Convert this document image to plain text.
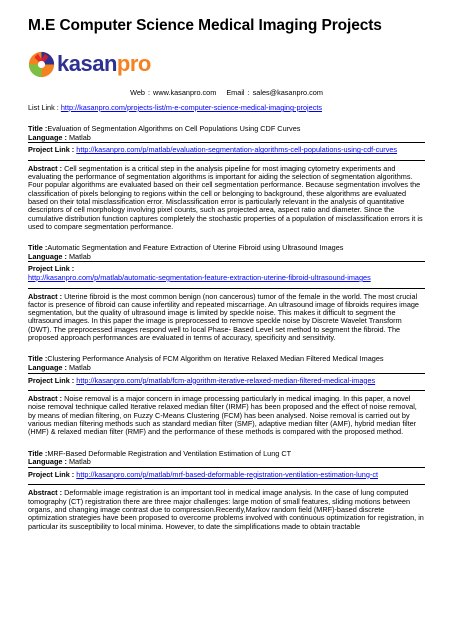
M.E Computer Science Medical Imaging Projects
kasanpro
Web : www.kasanpro.com Email : sales@kasanpro.com
List Link : http://kasanpro.com/projects-list/m-e-computer-science-medical-imaging-projects
Title :Evaluation of Segmentation Algorithms on Cell Populations Using CDF Curves
Language : Matlab
Project Link : http://kasanpro.com/p/matlab/evaluation-segmentation-algorithms-cell-populations-using-cdf-curves
Abstract : Cell segmentation is a critical step in the analysis pipeline for most imaging cytometry experiments and evaluating the performance of segmentation algorithms is important for aiding the selection of segmentation algorithms. Four popular algorithms are evaluated based on their cell segmentation performance. Because segmentation involves the classification of pixels belonging to regions within the cell or belonging to background, these algorithms are evaluated based on their total misclassification error. Misclassification error is particularly relevant in the analysis of quantitative descriptors of cell morphology involving pixel counts, such as projected area, aspect ratio and diameter. Since the cumulative distribution function captures completely the stochastic properties of a population of misclassification errors it is used to compare segmentation performance.
Title :Automatic Segmentation and Feature Extraction of Uterine Fibroid using Ultrasound Images
Language : Matlab
Project Link :
http://kasanpro.com/p/matlab/automatic-segmentation-feature-extraction-uterine-fibroid-ultrasound-images
Abstract : Uterine fibroid is the most common benign (non cancerous) tumor of the female in the world. The most crucial factor is presence of fibroid can cause infertility and repeated miscarriage. An ultrasound image of fibroids requires image segmentation, but the quality of ultrasound image is limited by speckle noise. This makes it difficult to segment the ultrasound images. In this paper the image is preprocessed to remove speckle noise by Discrete Wavelet Transform (DWT). The preprocessed images respond well to local Phase- Based Level set method to segment the fibroid. The proposed approach performances are evaluated in terms of accuracy, specificity and sensitivity.
Title :Clustering Performance Analysis of FCM Algorithm on Iterative Relaxed Median Filtered Medical Images
Language : Matlab
Project Link : http://kasanpro.com/p/matlab/fcm-algorithm-iterative-relaxed-median-filtered-medical-images
Abstract : Noise removal is a major concern in image processing particularly in medical imaging. In this paper, a novel noise removal technique called Iterative relaxed median filter (IRMF) has been proposed and the effect of noise removal, by means of median filtering, on Fuzzy C-Means Clustering (FCM) has been analysed. Noise removal is carried out by various median filtering methods such as standard median filter (SMF), adaptive median filter (AMF), hybrid median filter (HMF) & relaxed median filter (RMF) and the performance of these methods is compared with the proposed method.
Title :MRF-Based Deformable Registration and Ventilation Estimation of Lung CT
Language : Matlab
Project Link : http://kasanpro.com/p/matlab/mrf-based-deformable-registration-ventilation-estimation-lung-ct
Abstract : Deformable image registration is an important tool in medical image analysis. In the case of lung computed tomography (CT) registration there are three major challenges: large motion of small features, sliding motions between organs, and changing image contrast due to compression.Recently,Markov random field (MRF)-based discrete optimization strategies have been proposed to overcome problems involved with continuous optimization for registration, in particular its susceptibility to local minima. However, to date the simplifications made to obtain tractable
